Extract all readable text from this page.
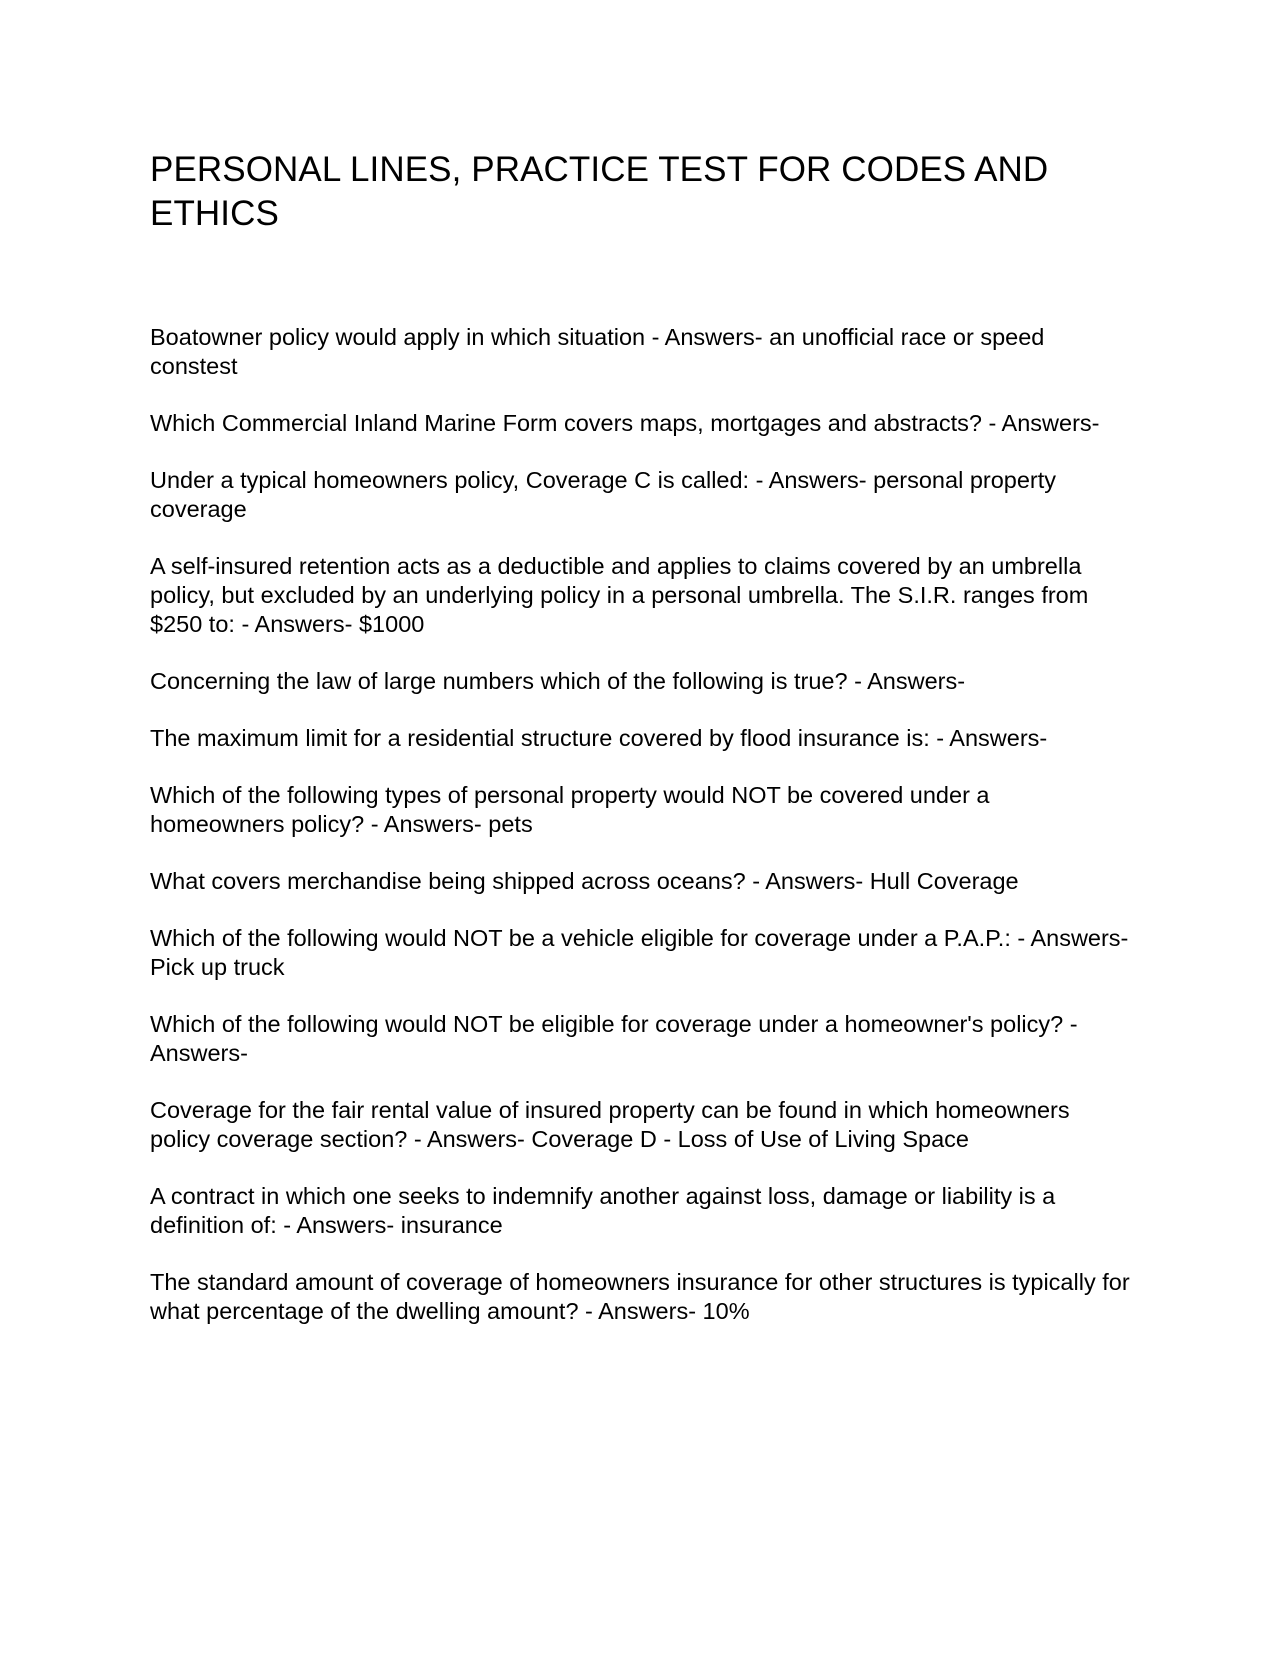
PERSONAL LINES, PRACTICE TEST FOR CODES AND ETHICS
Boatowner policy would apply in which situation - Answers- an unofficial race or speed constest
Which Commercial Inland Marine Form covers maps, mortgages and abstracts? - Answers-
Under a typical homeowners policy, Coverage C is called: - Answers- personal property coverage
A self-insured retention acts as a deductible and applies to claims covered by an umbrella policy, but excluded by an underlying policy in a personal umbrella. The S.I.R. ranges from $250 to: - Answers- $1000
Concerning the law of large numbers which of the following is true? - Answers-
The maximum limit for a residential structure covered by flood insurance is: - Answers-
Which of the following types of personal property would NOT be covered under a homeowners policy? - Answers- pets
What covers merchandise being shipped across oceans? - Answers- Hull Coverage
Which of the following would NOT be a vehicle eligible for coverage under a P.A.P.: - Answers- Pick up truck
Which of the following would NOT be eligible for coverage under a homeowner's policy? - Answers-
Coverage for the fair rental value of insured property can be found in which homeowners policy coverage section? - Answers- Coverage D - Loss of Use of Living Space
A contract in which one seeks to indemnify another against loss, damage or liability is a definition of: - Answers- insurance
The standard amount of coverage of homeowners insurance for other structures is typically for what percentage of the dwelling amount? - Answers- 10%
